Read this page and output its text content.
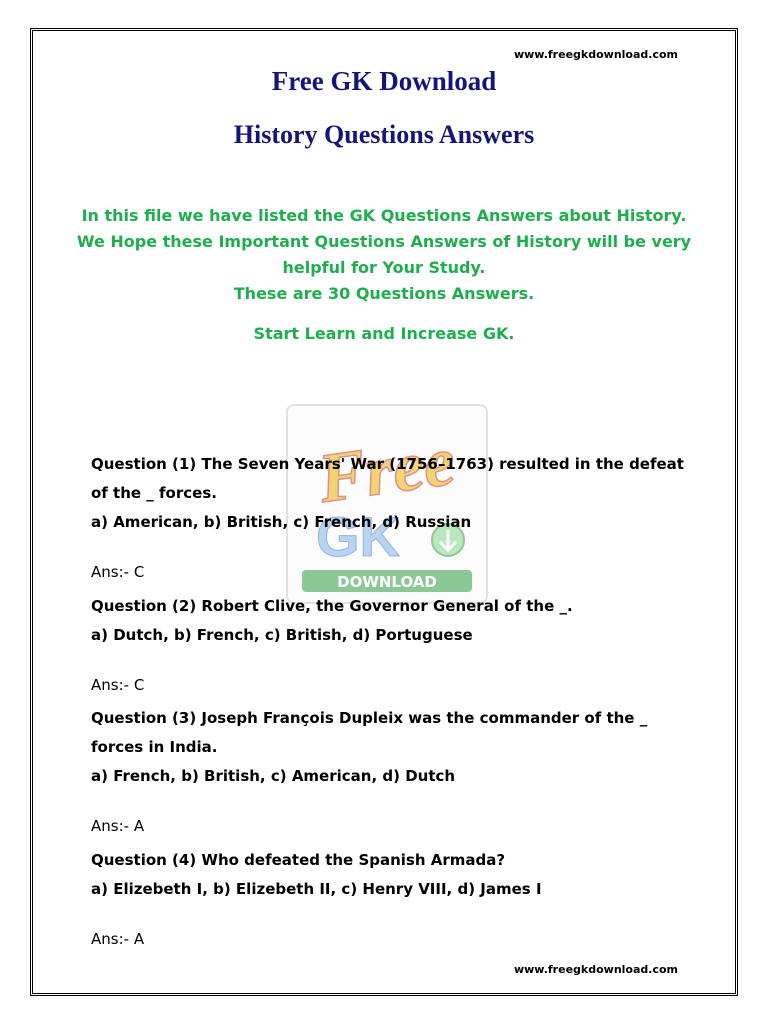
www.freegkdownload.com
Free GK Download
History Questions Answers
In this file we have listed the GK Questions Answers about History.
We Hope these Important Questions Answers of History will be very
helpful for Your Study.
These are 30 Questions Answers.
Start Learn and Increase GK.
Free
GK
DOWNLOAD
Question (1) The Seven Years' War (1756–1763) resulted in the defeat
of the _ forces.
a) American, b) British, c) French, d) Russian
Ans:- C
Question (2) Robert Clive, the Governor General of the _.
a) Dutch, b) French, c) British, d) Portuguese
Ans:- C
Question (3) Joseph François Dupleix was the commander of the _
forces in India.
a) French, b) British, c) American, d) Dutch
Ans:- A
Question (4) Who defeated the Spanish Armada?
a) Elizebeth I, b) Elizebeth II, c) Henry VIII, d) James I
Ans:- A
www.freegkdownload.com
